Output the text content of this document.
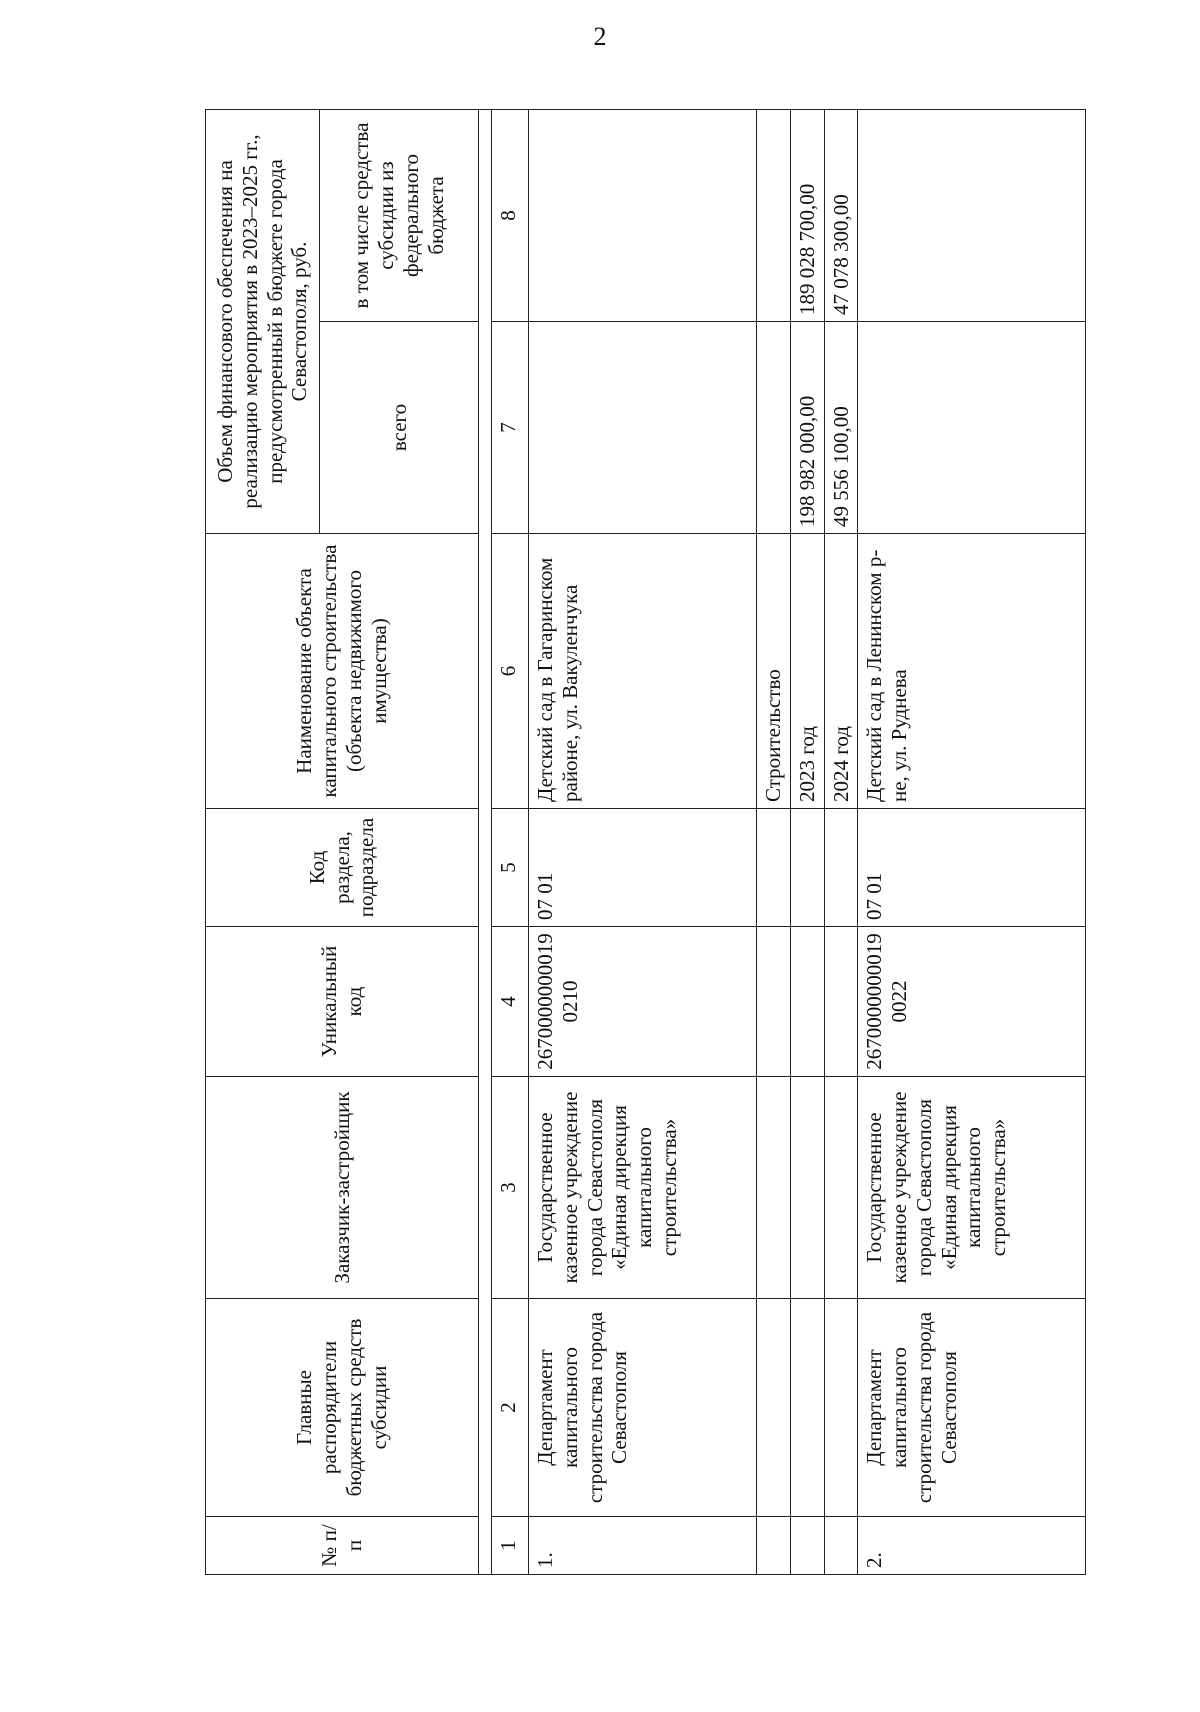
2
№ п/п	Главные распорядители бюджетных средств субсидии	Заказчик-застройщик	Уникальный код	Код раздела, подраздела	Наименование объекта капитального строительства (объекта недвижимого имущества)	Объем финансового обеспечения на реализацию мероприятия в 2023–2025 гг., предусмотренный в бюджете города Севастополя, руб.	
						всего	в том числе средства субсидии из федерального бюджета

1	2	3	4	5	6	7	8
1.	Департамент капитального строительства города Севастополя	Государственное казенное учреждение города Севастополя «Единая дирекция капитального строительства»	26700000000190210	07 01	Детский сад в Гагаринском районе, ул. Вакуленчука		
					Строительство		
					2023 год	198 982 000,00	189 028 700,00
					2024 год	49 556 100,00	47 078 300,00
2.	Департамент капитального строительства города Севастополя	Государственное казенное учреждение города Севастополя «Единая дирекция капитального строительства»	26700000000190022	07 01	Детский сад в Ленинском р-не, ул. Руднева		
